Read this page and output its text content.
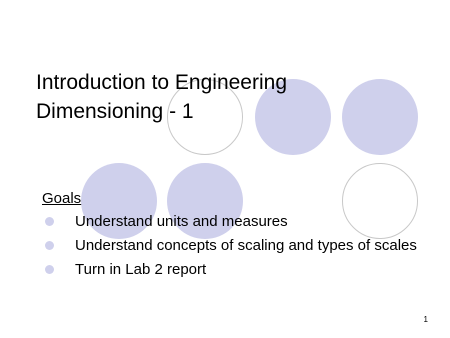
Introduction to Engineering
Dimensioning - 1
Goals
Understand units and measures
Understand concepts of scaling and types of scales
Turn in Lab 2 report
1
